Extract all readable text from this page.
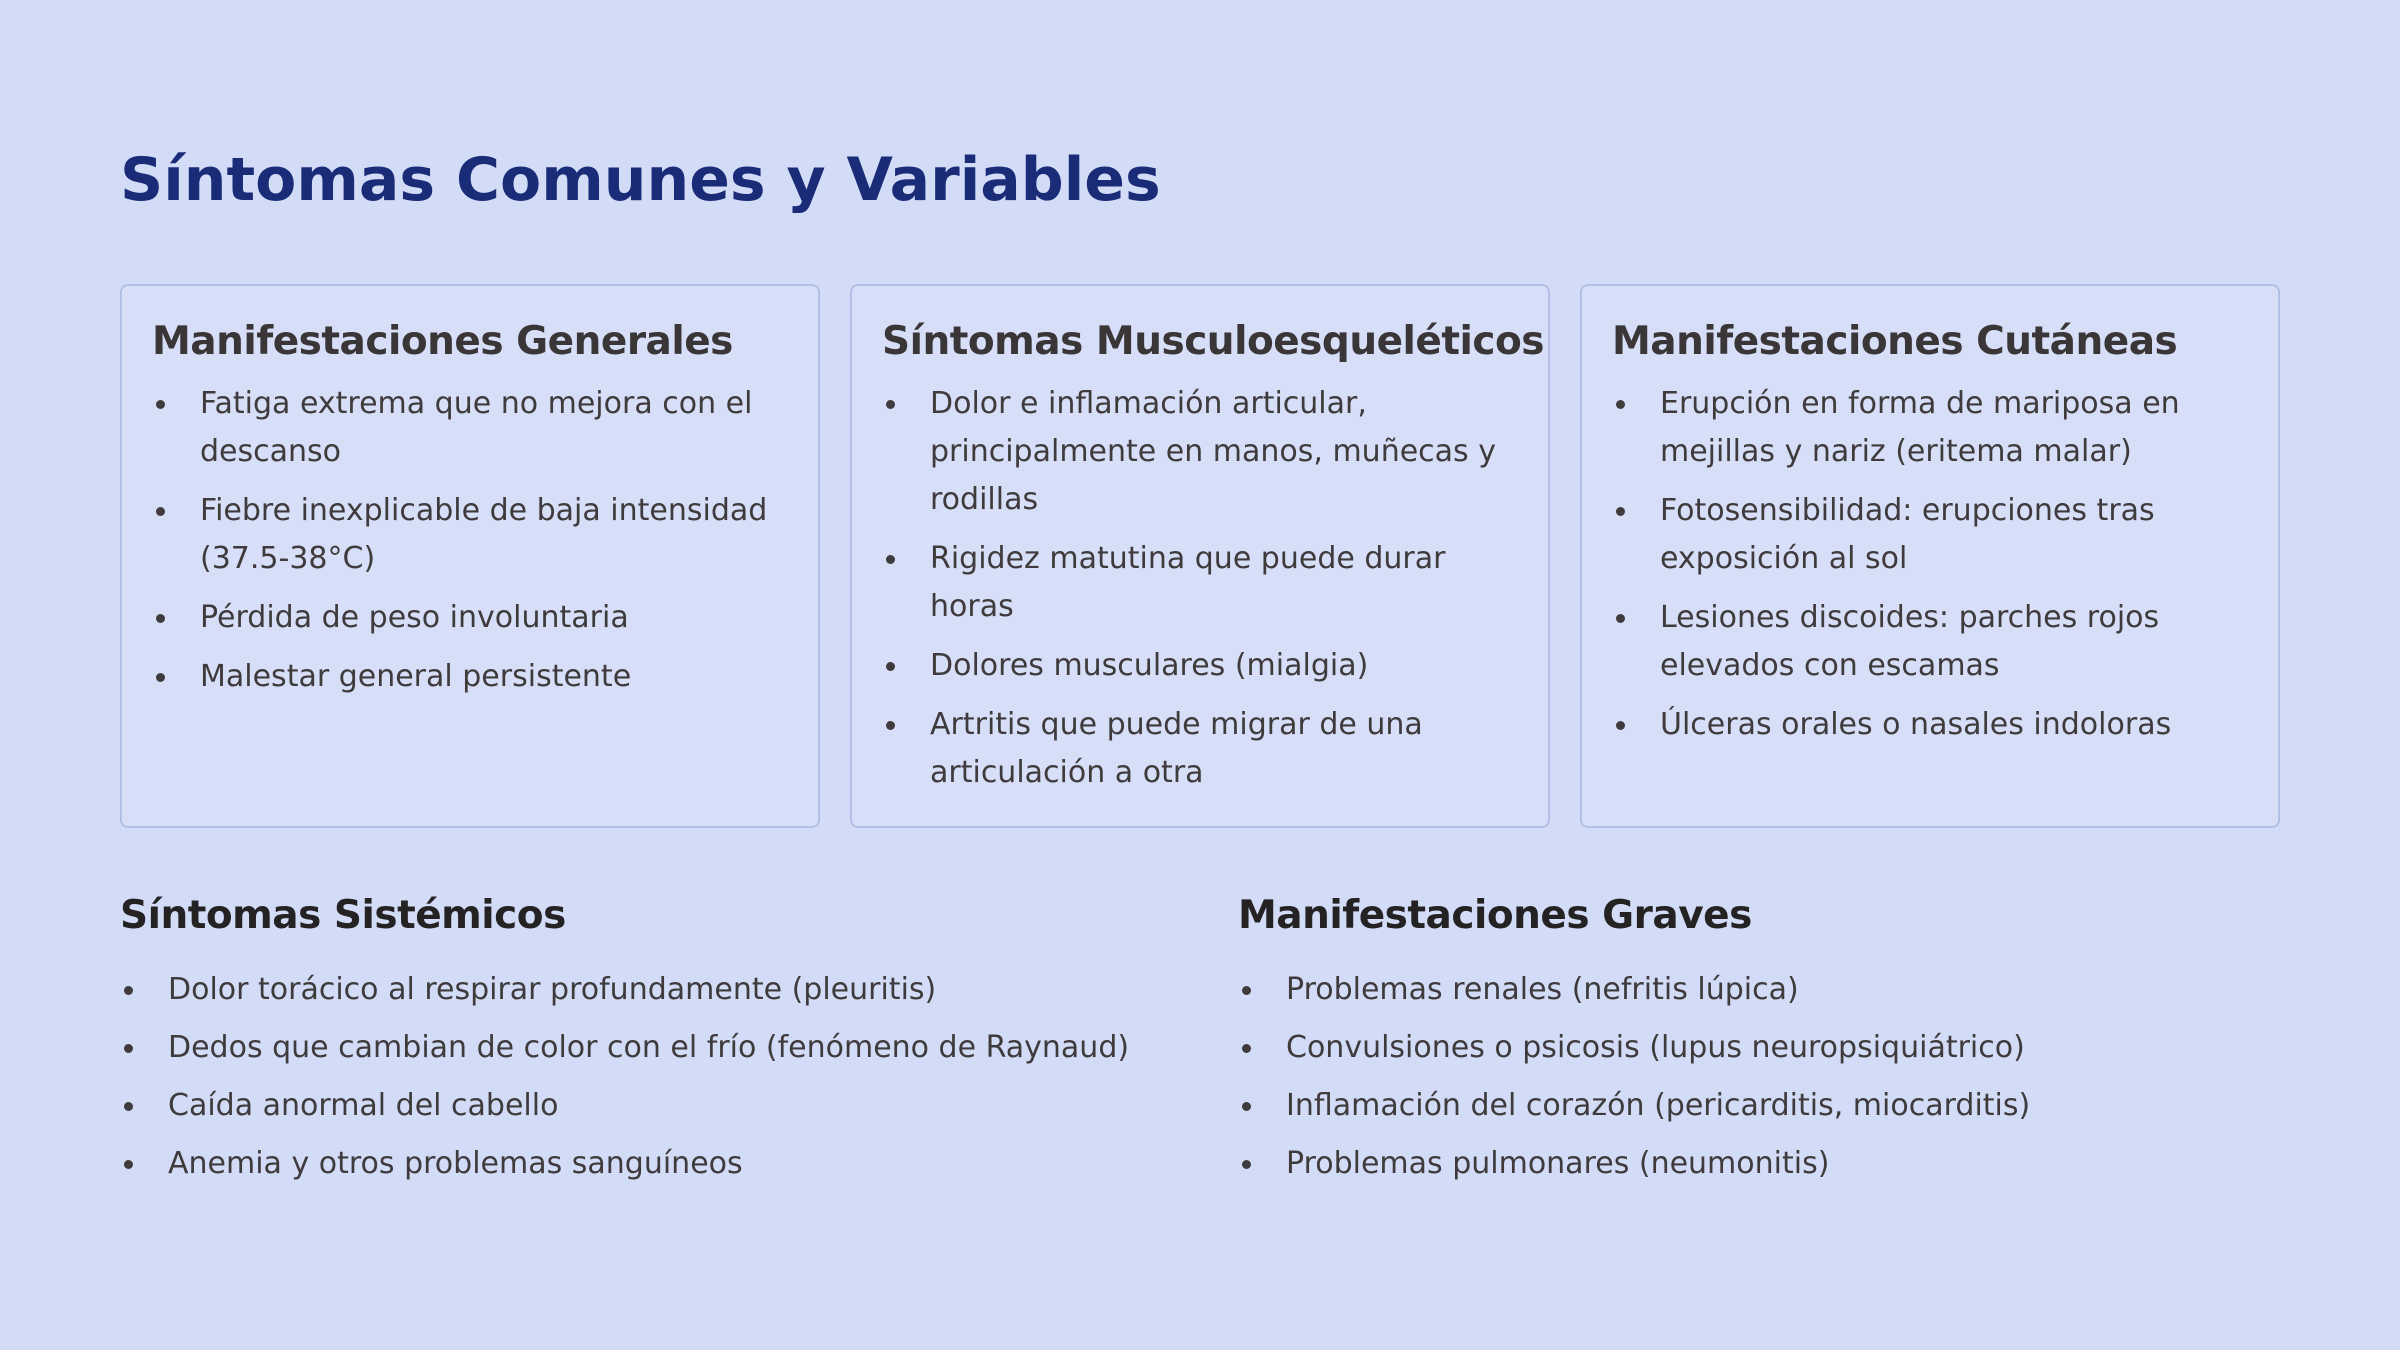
Síntomas Comunes y Variables
Manifestaciones Generales
Fatiga extrema que no mejora con el descanso
Fiebre inexplicable de baja intensidad (37.5-38°C)
Pérdida de peso involuntaria
Malestar general persistente
Síntomas Musculoesqueléticos
Dolor e inflamación articular, principalmente en manos, muñecas y rodillas
Rigidez matutina que puede durar horas
Dolores musculares (mialgia)
Artritis que puede migrar de una articulación a otra
Manifestaciones Cutáneas
Erupción en forma de mariposa en mejillas y nariz (eritema malar)
Fotosensibilidad: erupciones tras exposición al sol
Lesiones discoides: parches rojos elevados con escamas
Úlceras orales o nasales indoloras
Síntomas Sistémicos
Dolor torácico al respirar profundamente (pleuritis)
Dedos que cambian de color con el frío (fenómeno de Raynaud)
Caída anormal del cabello
Anemia y otros problemas sanguíneos
Manifestaciones Graves
Problemas renales (nefritis lúpica)
Convulsiones o psicosis (lupus neuropsiquiátrico)
Inflamación del corazón (pericarditis, miocarditis)
Problemas pulmonares (neumonitis)
